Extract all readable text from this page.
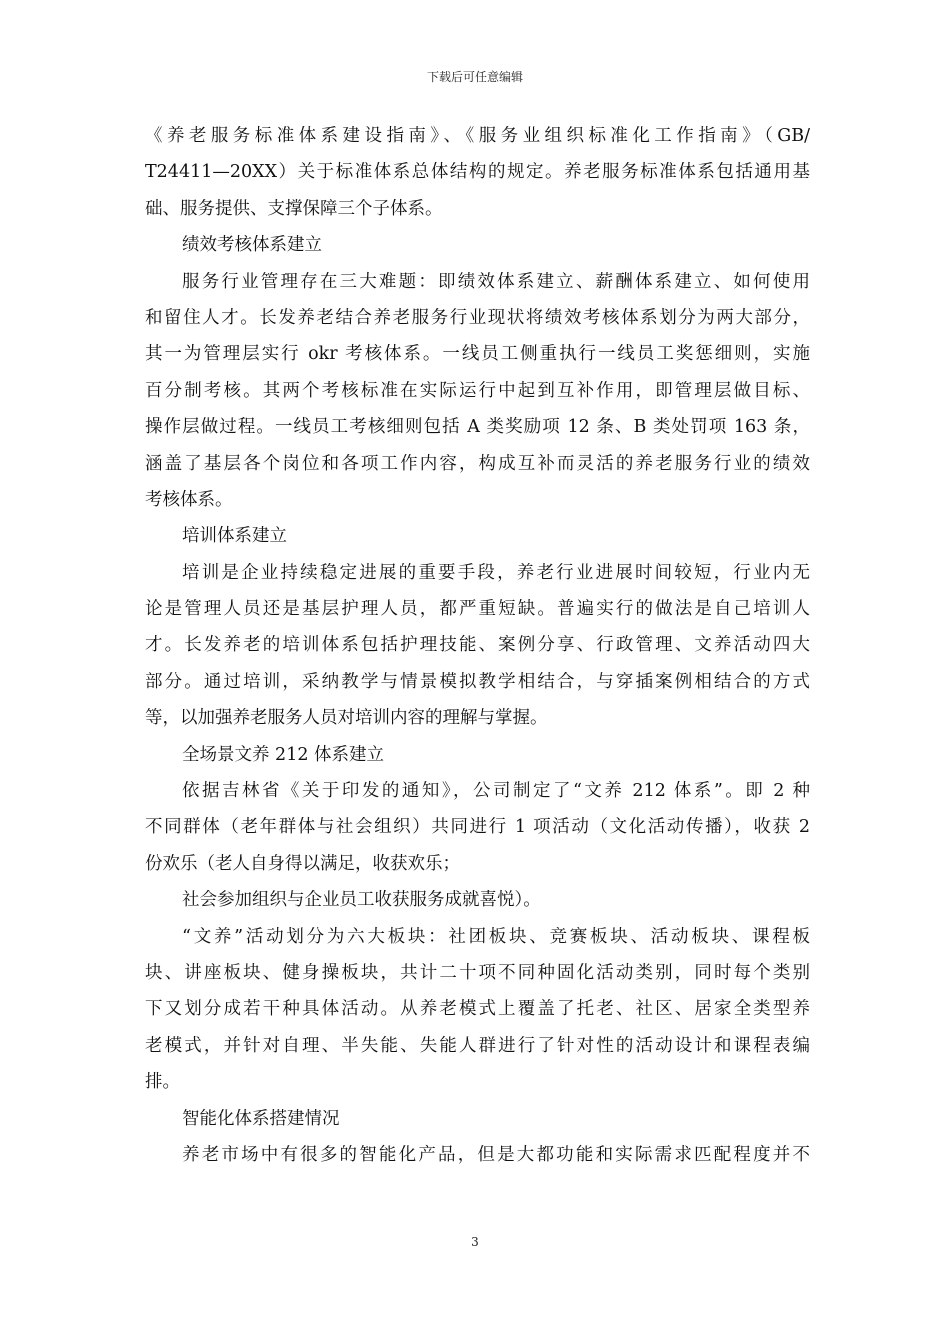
下载后可任意编辑
《养老服务标准体系建设指南》、《服务业组织标准化工作指南》（GB/
T24411—20XX）关于标准体系总体结构的规定。养老服务标准体系包括通用基
础、服务提供、支撑保障三个子体系。
绩效考核体系建立
服务行业管理存在三大难题：即绩效体系建立、薪酬体系建立、如何使用
和留住人才。长发养老结合养老服务行业现状将绩效考核体系划分为两大部分，
其一为管理层实行 okr 考核体系。一线员工侧重执行一线员工奖惩细则，实施
百分制考核。其两个考核标准在实际运行中起到互补作用，即管理层做目标、
操作层做过程。一线员工考核细则包括 A 类奖励项 12 条、B 类处罚项 163 条，
涵盖了基层各个岗位和各项工作内容，构成互补而灵活的养老服务行业的绩效
考核体系。
培训体系建立
培训是企业持续稳定进展的重要手段，养老行业进展时间较短，行业内无
论是管理人员还是基层护理人员，都严重短缺。普遍实行的做法是自己培训人
才。长发养老的培训体系包括护理技能、案例分享、行政管理、文养活动四大
部分。通过培训，采纳教学与情景模拟教学相结合，与穿插案例相结合的方式
等，以加强养老服务人员对培训内容的理解与掌握。
全场景文养 212 体系建立
依据吉林省《关于印发的通知》，公司制定了“文养 212 体系”。即 2 种
不同群体（老年群体与社会组织）共同进行 1 项活动（文化活动传播），收获 2
份欢乐（老人自身得以满足，收获欢乐；
社会参加组织与企业员工收获服务成就喜悦）。
“文养”活动划分为六大板块：社团板块、竞赛板块、活动板块、课程板
块、讲座板块、健身操板块，共计二十项不同种固化活动类别，同时每个类别
下又划分成若干种具体活动。从养老模式上覆盖了托老、社区、居家全类型养
老模式，并针对自理、半失能、失能人群进行了针对性的活动设计和课程表编
排。
智能化体系搭建情况
养老市场中有很多的智能化产品，但是大都功能和实际需求匹配程度并不
3
